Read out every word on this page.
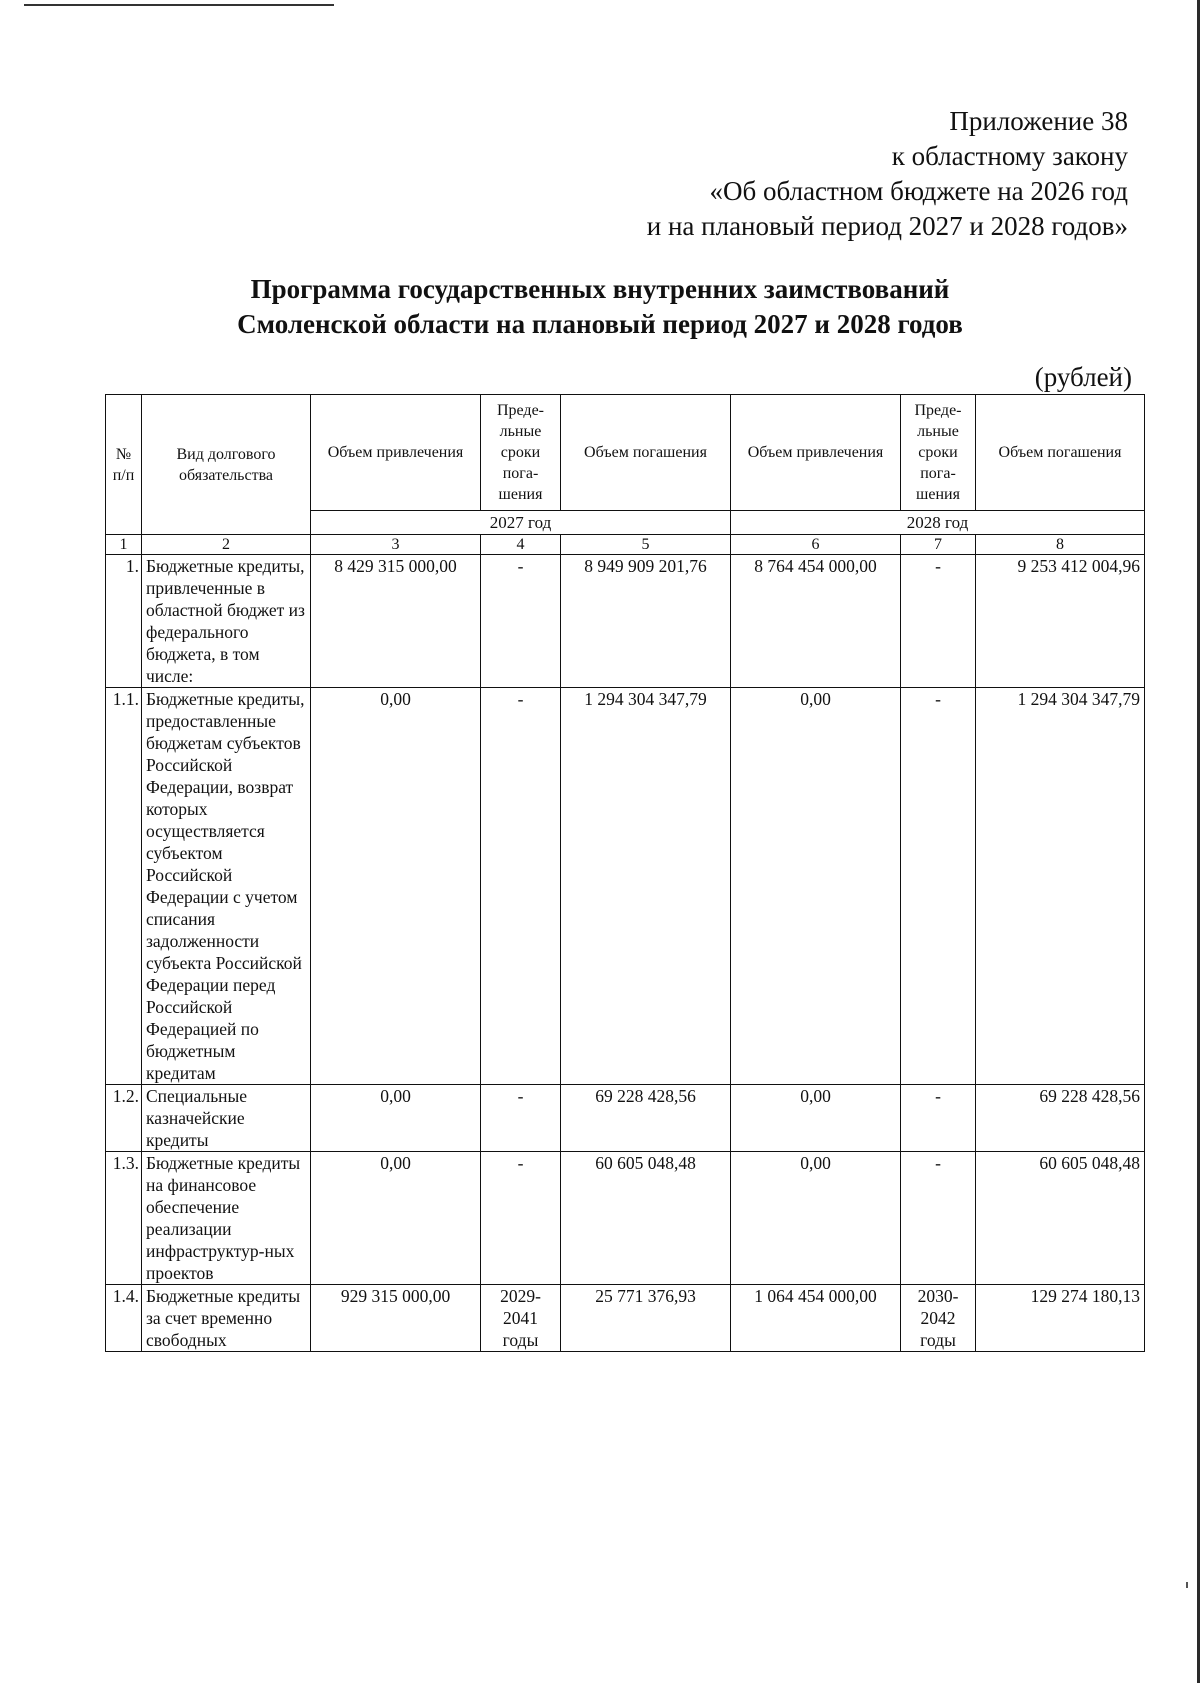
Приложение 38
к областному закону
«Об областном бюджете на 2026 год
и на плановый период 2027 и 2028 годов»
Программа государственных внутренних заимствований
Смоленской области на плановый период 2027 и 2028 годов
(рублей)
№ п/п	Вид долгового обязательства	Объем привлечения	Преде-льные сроки пога-шения	Объем погашения	Объем привлечения	Преде-льные сроки пога-шения	Объем погашения
		2027 год			2028 год		
1	2	3	4	5	6	7	8
1.	Бюджетные кредиты, привлеченные в областной бюджет из федерального бюджета, в том числе:	8 429 315 000,00	-	8 949 909 201,76	8 764 454 000,00	-	9 253 412 004,96
1.1.	Бюджетные кредиты, предоставленные бюджетам субъектов Российской Федерации, возврат которых осуществляется субъектом Российской Федерации с учетом списания задолженности субъекта Российской Федерации перед Российской Федерацией по бюджетным кредитам	0,00	-	1 294 304 347,79	0,00	-	1 294 304 347,79
1.2.	Специальные казначейские кредиты	0,00	-	69 228 428,56	0,00	-	69 228 428,56
1.3.	Бюджетные кредиты на финансовое обеспечение реализации инфраструктур-ных проектов	0,00	-	60 605 048,48	0,00	-	60 605 048,48
1.4.	Бюджетные кредиты за счет временно свободных	929 315 000,00	2029-2041 годы	25 771 376,93	1 064 454 000,00	2030-2042 годы	129 274 180,13
